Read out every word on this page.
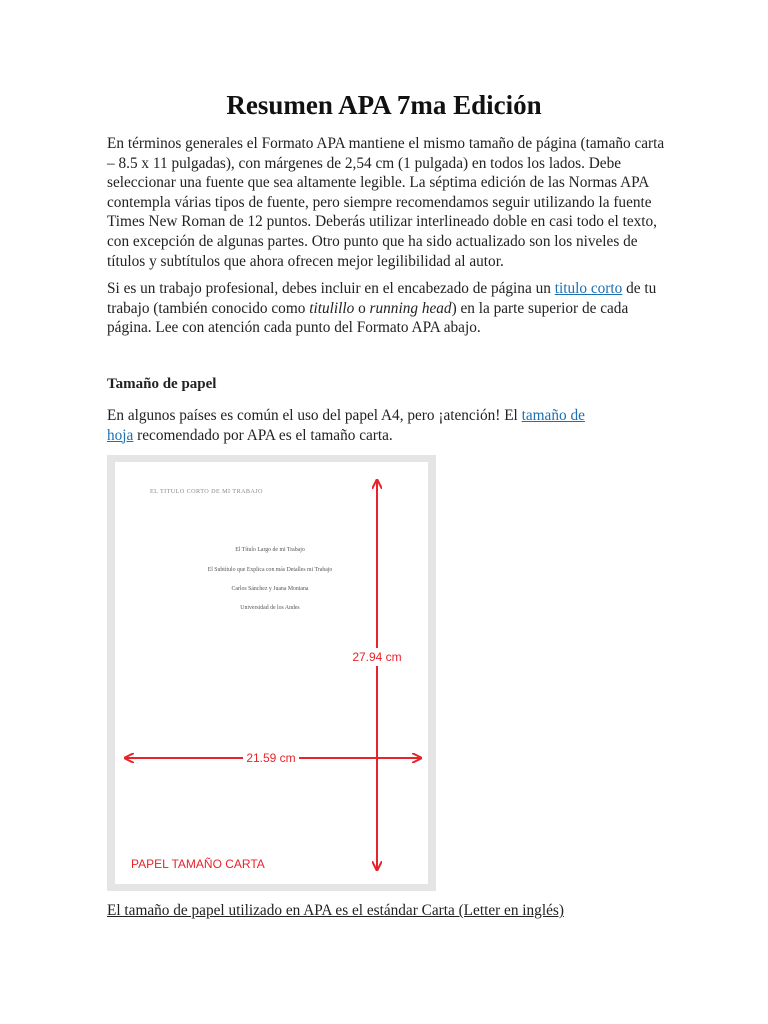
Resumen APA 7ma Edición

En términos generales el Formato APA mantiene el mismo tamaño de página (tamaño carta – 8.5 x 11 pulgadas), con márgenes de 2,54 cm (1 pulgada) en todos los lados. Debe seleccionar una fuente que sea altamente legible. La séptima edición de las Normas APA contempla várias tipos de fuente, pero siempre recomendamos seguir utilizando la fuente Times New Roman de 12 puntos. Deberás utilizar interlineado doble en casi todo el texto, con excepción de algunas partes. Otro punto que ha sido actualizado son los niveles de títulos y subtítulos que ahora ofrecen mejor legilibilidad al autor.

Si es un trabajo profesional, debes incluir en el encabezado de página un titulo corto de tu trabajo (también conocido como titulillo o running head) en la parte superior de cada página. Lee con atención cada punto del Formato APA abajo.

Tamaño de papel

En algunos países es común el uso del papel A4, pero ¡atención! El tamaño de hoja recomendado por APA es el tamaño carta.

EL TITULO CORTO DE MI TRABAJO
El Título Largo de mi Trabajo
El Subtítulo que Explica con más Detalles mi Trabajo
Carlos Sánchez y Juana Montana
Universidad de los Andes
27.94 cm
21.59 cm
PAPEL TAMAÑO CARTA

El tamaño de papel utilizado en APA es el estándar Carta (Letter en inglés)
